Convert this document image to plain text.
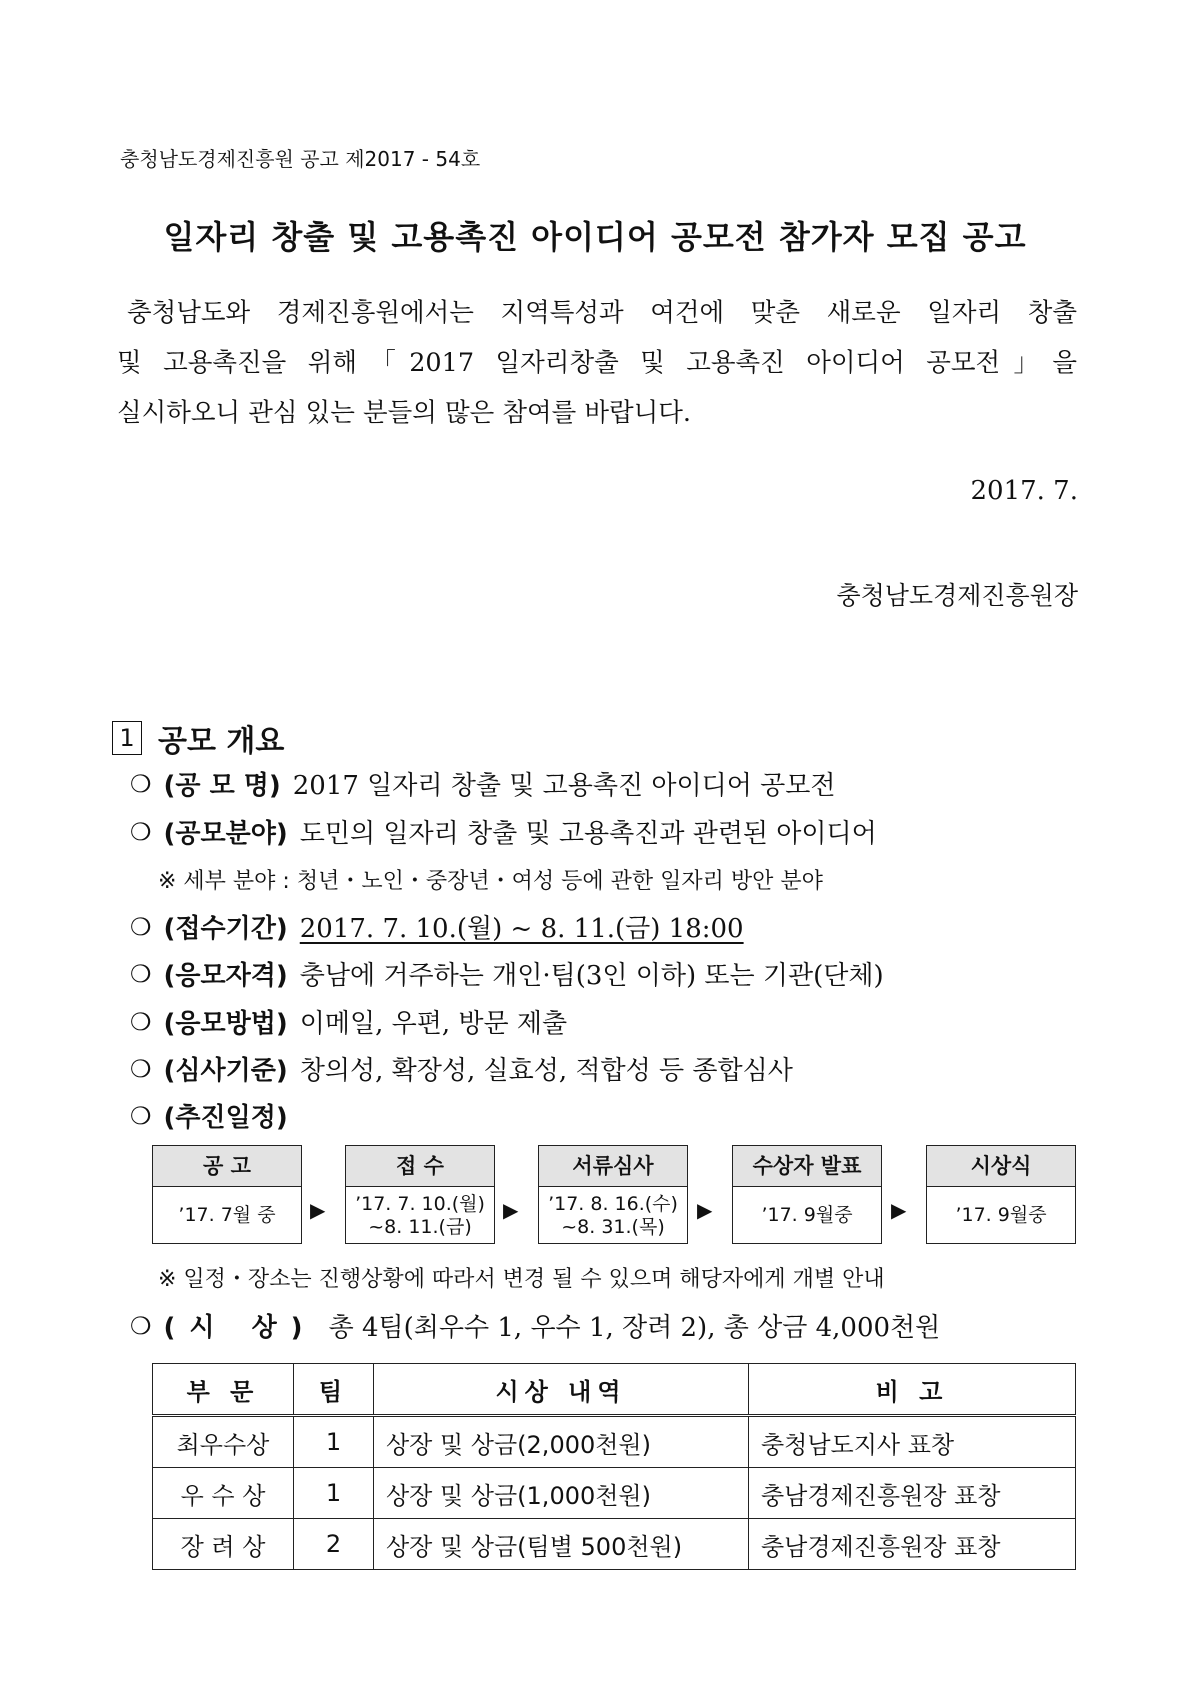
충청남도경제진흥원 공고 제2017 - 54호
일자리 창출 및 고용촉진 아이디어 공모전 참가자 모집 공고
충청남도와 경제진흥원에서는 지역특성과 여건에 맞춘 새로운 일자리 창출
및 고용촉진을 위해「2017 일자리창출 및 고용촉진 아이디어 공모전」을
실시하오니 관심 있는 분들의 많은 참여를 바랍니다.
2017. 7.
충청남도경제진흥원장
1 공모 개요
❍ (공 모 명) 2017 일자리 창출 및 고용촉진 아이디어 공모전
❍ (공모분야) 도민의 일자리 창출 및 고용촉진과 관련된 아이디어
※ 세부 분야 : 청년・노인・중장년・여성 등에 관한 일자리 방안 분야
❍ (접수기간) 2017. 7. 10.(월) ~ 8. 11.(금) 18:00
❍ (응모자격) 충남에 거주하는 개인·팀(3인 이하) 또는 기관(단체)
❍ (응모방법) 이메일, 우편, 방문 제출
❍ (심사기준) 창의성, 확장성, 실효성, 적합성 등 종합심사
❍ (추진일정)
공 고
’17. 7월 중 ▶
접 수
’17. 7. 10.(월)
~8. 11.(금)
▶
서류심사
’17. 8. 16.(수)
~8. 31.(목)
▶
수상자 발표
’17. 9월중 ▶
시상식
’17. 9월중
※ 일정・장소는 진행상황에 따라서 변경 될 수 있으며 해당자에게 개별 안내
❍ (시 상) 총 4팀(최우수 1, 우수 1, 장려 2), 총 상금 4,000천원
부 문	팀	시상 내역	비 고
최우수상	1	상장 및 상금(2,000천원)	충청남도지사 표창
우 수 상	1	상장 및 상금(1,000천원)	충남경제진흥원장 표창
장 려 상	2	상장 및 상금(팀별 500천원)	충남경제진흥원장 표창
